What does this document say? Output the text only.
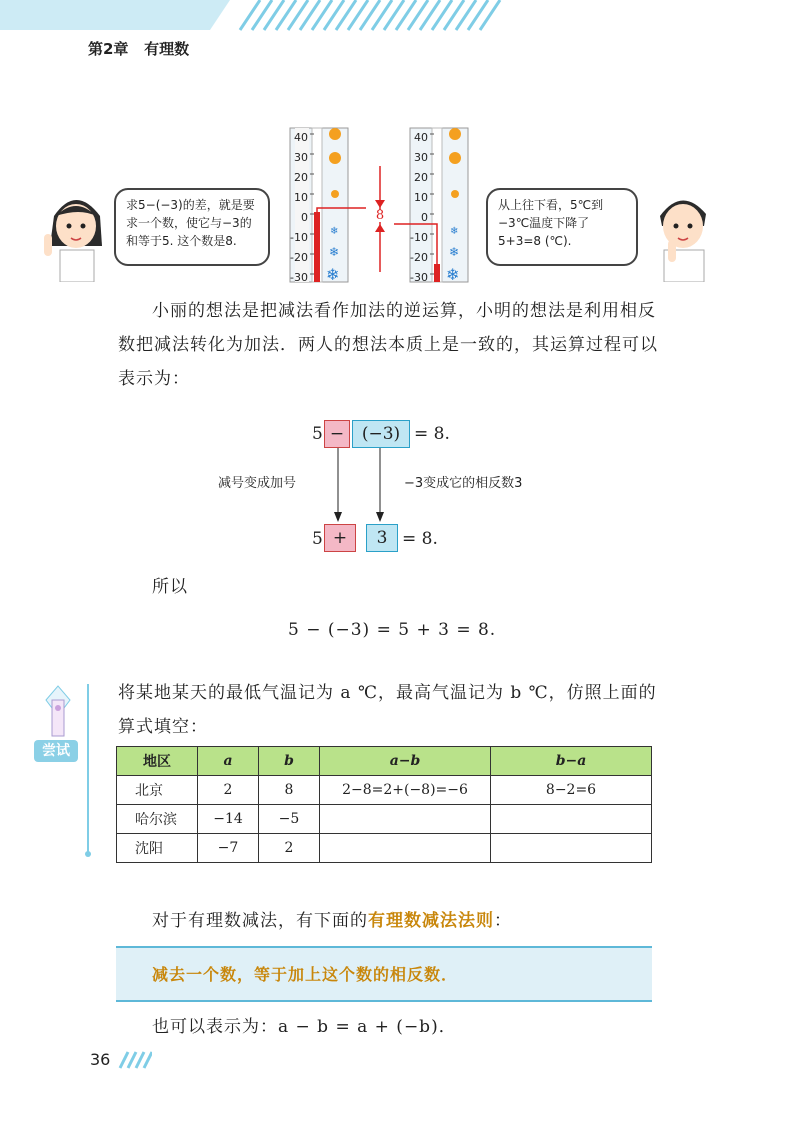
第2章 有理数
❄
❄
❄
❄
❄
❄
40
30
20
10
0
-10
-20
-30
40
30
20
10
0
-10
-20
-30
8
求5−(−3)的差，就是要求一个数，使它与−3的和等于5. 这个数是8.
从上往下看，5℃到−3℃温度下降了5+3=8 (℃).
小丽的想法是把减法看作加法的逆运算，小明的想法是利用相反数把减法转化为加法．两人的想法本质上是一致的，其运算过程可以表示为：
5 −	(−3) = 8.
减号变成加号	−3变成它的相反数3
5 +	3 = 8.
所以
5 − (−3) = 5 + 3 = 8.
尝试
将某地某天的最低气温记为 a ℃，最高气温记为 b ℃，仿照上面的算式填空：
地区	a	b	a−b	b−a
北京	2	8	2−8=2+(−8)=−6	8−2=6
哈尔滨	−14	−5		
沈阳	−7	2		
对于有理数减法，有下面的有理数减法法则：
减去一个数，等于加上这个数的相反数．
也可以表示为：a − b = a + (−b)．
36
